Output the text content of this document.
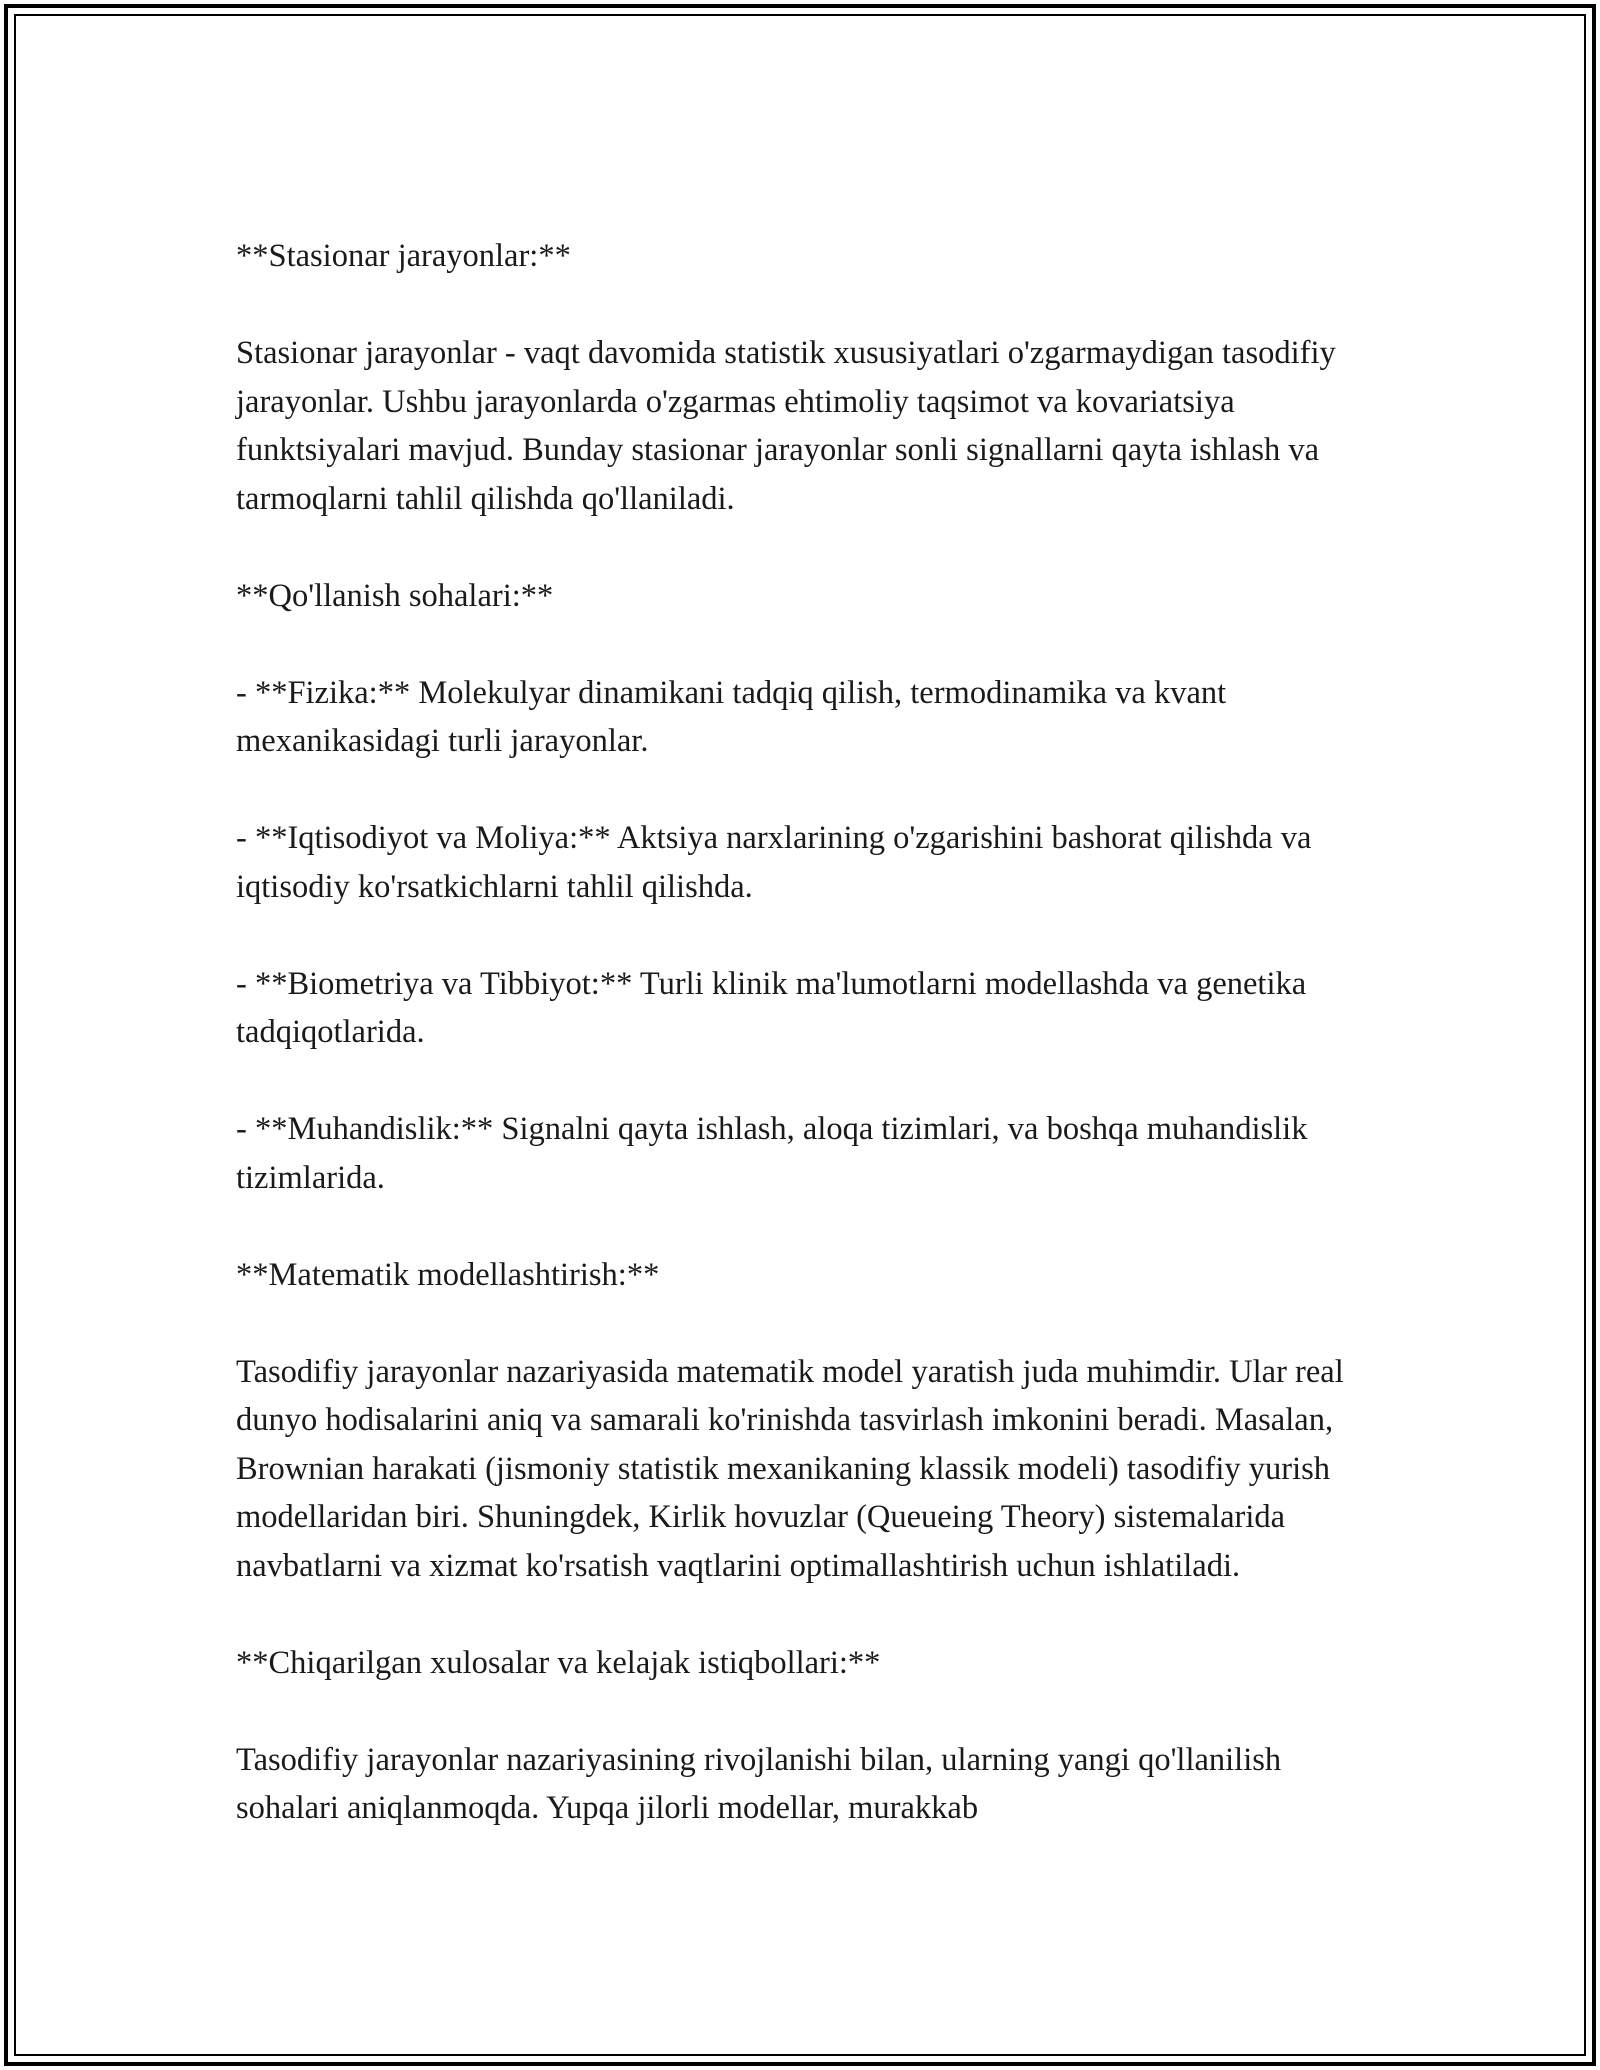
**Stasionar jarayonlar:**

Stasionar jarayonlar - vaqt davomida statistik xususiyatlari o'zgarmaydigan tasodifiy jarayonlar. Ushbu jarayonlarda o'zgarmas ehtimoliy taqsimot va kovariatsiya funktsiyalari mavjud. Bunday stasionar jarayonlar sonli signallarni qayta ishlash va tarmoqlarni tahlil qilishda qo'llaniladi.

**Qo'llanish sohalari:**

- **Fizika:** Molekulyar dinamikani tadqiq qilish, termodinamika va kvant mexanikasidagi turli jarayonlar.

- **Iqtisodiyot va Moliya:** Aktsiya narxlarining o'zgarishini bashorat qilishda va iqtisodiy ko'rsatkichlarni tahlil qilishda.

- **Biometriya va Tibbiyot:** Turli klinik ma'lumotlarni modellashda va genetika tadqiqotlarida.

- **Muhandislik:** Signalni qayta ishlash, aloqa tizimlari, va boshqa muhandislik tizimlarida.

**Matematik modellashtirish:**

Tasodifiy jarayonlar nazariyasida matematik model yaratish juda muhimdir. Ular real dunyo hodisalarini aniq va samarali ko'rinishda tasvirlash imkonini beradi. Masalan, Brownian harakati (jismoniy statistik mexanikaning klassik modeli) tasodifiy yurish modellaridan biri. Shuningdek, Kirlik hovuzlar (Queueing Theory) sistemalarida navbatlarni va xizmat ko'rsatish vaqtlarini optimallashtirish uchun ishlatiladi.

**Chiqarilgan xulosalar va kelajak istiqbollari:**

Tasodifiy jarayonlar nazariyasining rivojlanishi bilan, ularning yangi qo'llanilish sohalari aniqlanmoqda. Yupqa jilorli modellar, murakkab
